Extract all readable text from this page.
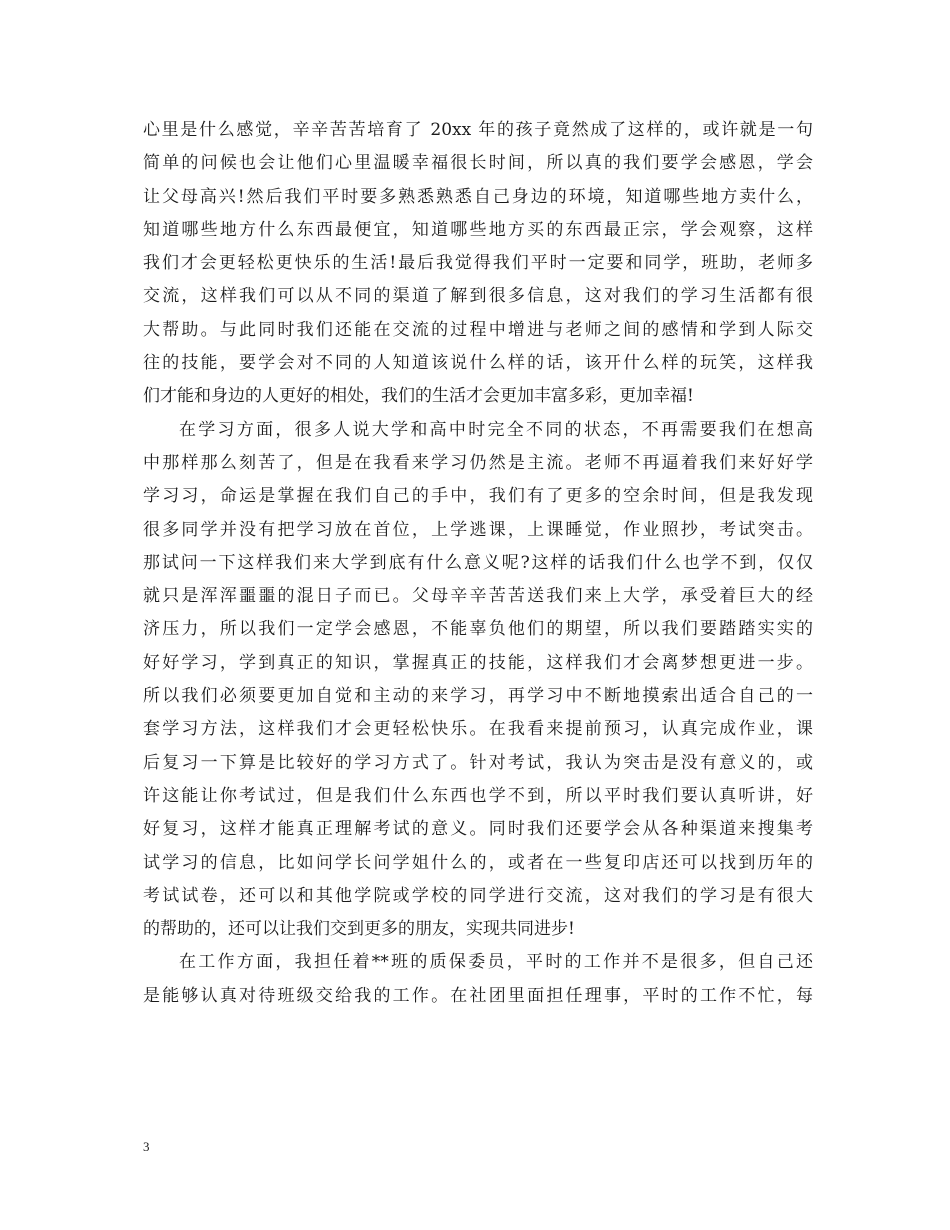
心里是什么感觉，辛辛苦苦培育了 20xx 年的孩子竟然成了这样的，或许就是一句
简单的问候也会让他们心里温暖幸福很长时间，所以真的我们要学会感恩，学会
让父母高兴!然后我们平时要多熟悉熟悉自己身边的环境，知道哪些地方卖什么，
知道哪些地方什么东西最便宜，知道哪些地方买的东西最正宗，学会观察，这样
我们才会更轻松更快乐的生活!最后我觉得我们平时一定要和同学，班助，老师多
交流，这样我们可以从不同的渠道了解到很多信息，这对我们的学习生活都有很
大帮助。与此同时我们还能在交流的过程中增进与老师之间的感情和学到人际交
往的技能，要学会对不同的人知道该说什么样的话，该开什么样的玩笑，这样我
们才能和身边的人更好的相处，我们的生活才会更加丰富多彩，更加幸福!
在学习方面，很多人说大学和高中时完全不同的状态，不再需要我们在想高
中那样那么刻苦了，但是在我看来学习仍然是主流。老师不再逼着我们来好好学
学习习，命运是掌握在我们自己的手中，我们有了更多的空余时间，但是我发现
很多同学并没有把学习放在首位，上学逃课，上课睡觉，作业照抄，考试突击。
那试问一下这样我们来大学到底有什么意义呢?这样的话我们什么也学不到，仅仅
就只是浑浑噩噩的混日子而已。父母辛辛苦苦送我们来上大学，承受着巨大的经
济压力，所以我们一定学会感恩，不能辜负他们的期望，所以我们要踏踏实实的
好好学习，学到真正的知识，掌握真正的技能，这样我们才会离梦想更进一步。
所以我们必须要更加自觉和主动的来学习，再学习中不断地摸索出适合自己的一
套学习方法，这样我们才会更轻松快乐。在我看来提前预习，认真完成作业，课
后复习一下算是比较好的学习方式了。针对考试，我认为突击是没有意义的，或
许这能让你考试过，但是我们什么东西也学不到，所以平时我们要认真听讲，好
好复习，这样才能真正理解考试的意义。同时我们还要学会从各种渠道来搜集考
试学习的信息，比如问学长问学姐什么的，或者在一些复印店还可以找到历年的
考试试卷，还可以和其他学院或学校的同学进行交流，这对我们的学习是有很大
的帮助的，还可以让我们交到更多的朋友，实现共同进步!
在工作方面，我担任着**班的质保委员，平时的工作并不是很多，但自己还
是能够认真对待班级交给我的工作。在社团里面担任理事，平时的工作不忙，每
3
